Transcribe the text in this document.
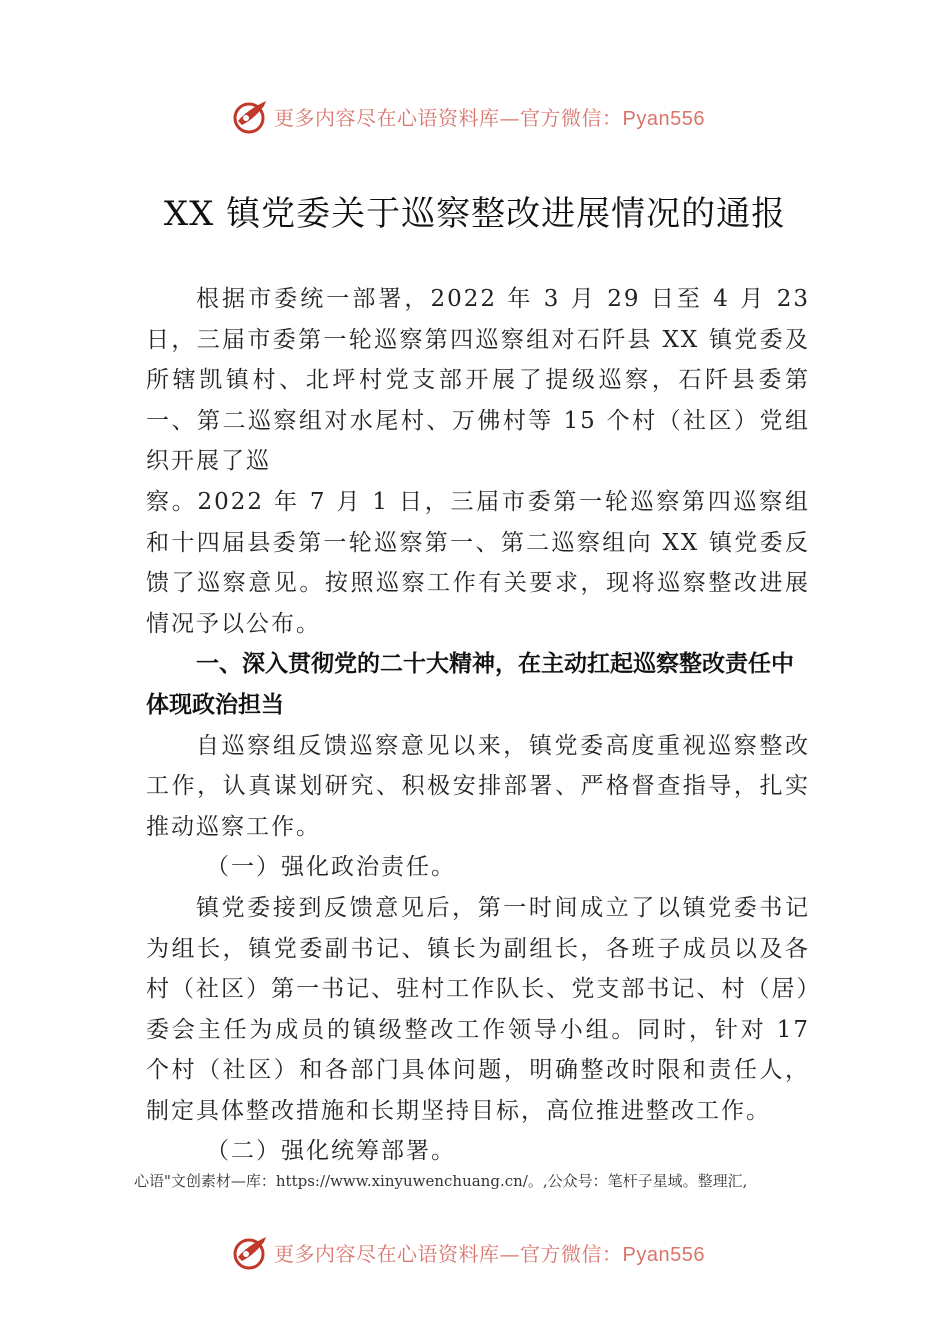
更多内容尽在心语资料库—官方微信：Pyan556
XX 镇党委关于巡察整改进展情况的通报

根据市委统一部署，2022 年 3 月 29 日至 4 月 23 日，三届市委第一轮巡察第四巡察组对石阡县 XX 镇党委及所辖凯镇村、北坪村党支部开展了提级巡察，石阡县委第一、第二巡察组对水尾村、万佛村等 15 个村（社区）党组织开展了巡

察。2022 年 7 月 1 日，三届市委第一轮巡察第四巡察组和十四届县委第一轮巡察第一、第二巡察组向 XX 镇党委反馈了巡察意见。按照巡察工作有关要求，现将巡察整改进展情况予以公布。

一、深入贯彻党的二十大精神，在主动扛起巡察整改责任中体现政治担当

自巡察组反馈巡察意见以来，镇党委高度重视巡察整改工作，认真谋划研究、积极安排部署、严格督查指导，扎实推动巡察工作。

（一）强化政治责任。

镇党委接到反馈意见后，第一时间成立了以镇党委书记为组长，镇党委副书记、镇长为副组长，各班子成员以及各村（社区）第一书记、驻村工作队长、党支部书记、村（居）委会主任为成员的镇级整改工作领导小组。同时，针对 17 个村（社区）和各部门具体问题，明确整改时限和责任人，制定具体整改措施和长期坚持目标，高位推进整改工作。

（二）强化统筹部署。

心语"文创素材—库：https://www.xinyuwenchuang.cn/。,公众号：笔杆子星域。整理汇,
更多内容尽在心语资料库—官方微信：Pyan556
